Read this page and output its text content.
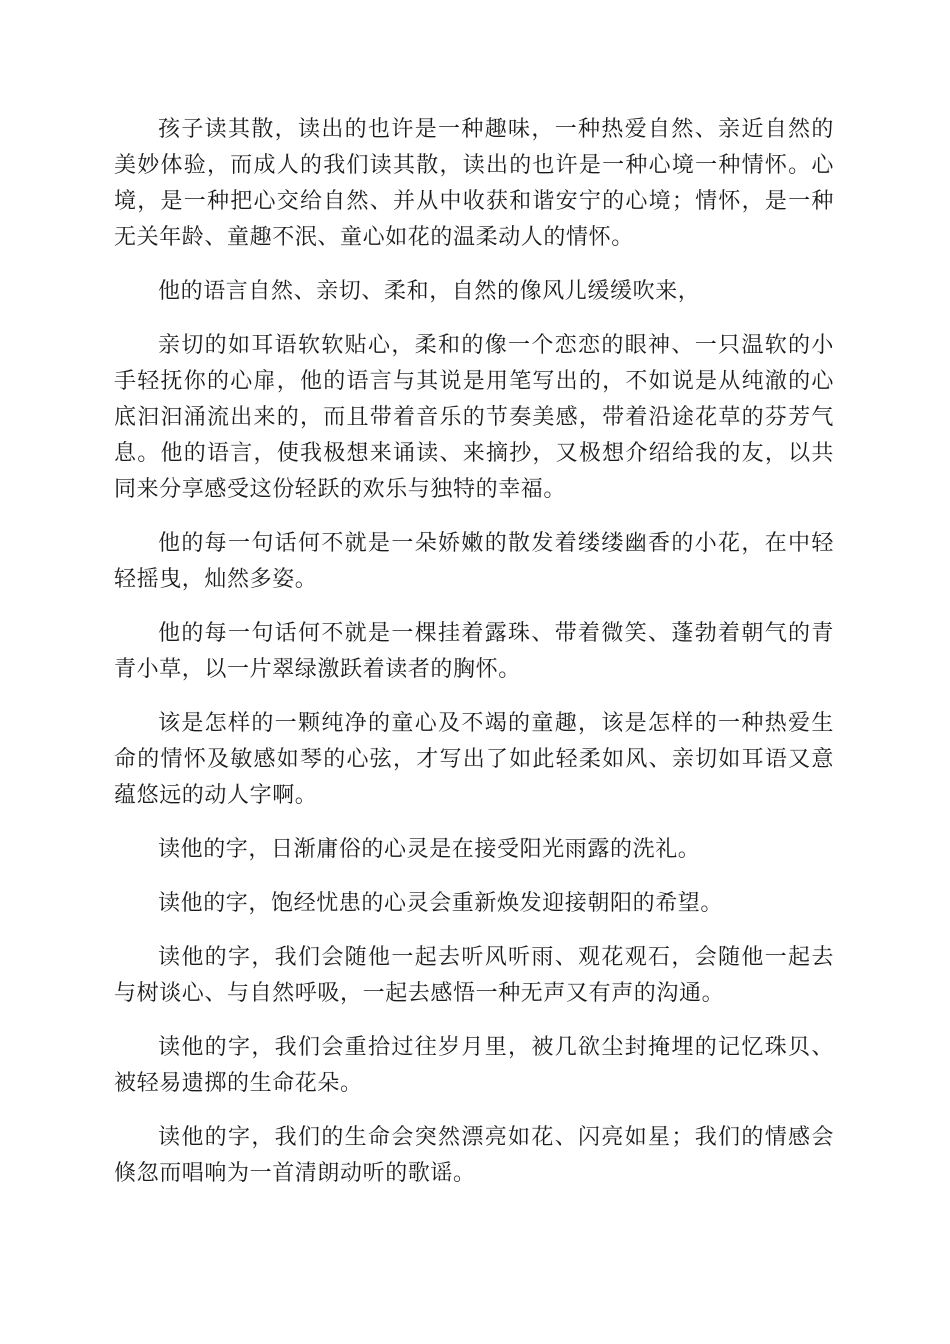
孩子读其散，读出的也许是一种趣味，一种热爱自然、亲近自然的美妙体验，而成人的我们读其散，读出的也许是一种心境一种情怀。心境，是一种把心交给自然、并从中收获和谐安宁的心境；情怀，是一种无关年龄、童趣不泯、童心如花的温柔动人的情怀。

他的语言自然、亲切、柔和，自然的像风儿缓缓吹来，

亲切的如耳语软软贴心，柔和的像一个恋恋的眼神、一只温软的小手轻抚你的心扉，他的语言与其说是用笔写出的，不如说是从纯澈的心底汩汩涌流出来的，而且带着音乐的节奏美感，带着沿途花草的芬芳气息。他的语言，使我极想来诵读、来摘抄，又极想介绍给我的友，以共同来分享感受这份轻跃的欢乐与独特的幸福。

他的每一句话何不就是一朵娇嫩的散发着缕缕幽香的小花，在中轻轻摇曳，灿然多姿。

他的每一句话何不就是一棵挂着露珠、带着微笑、蓬勃着朝气的青青小草，以一片翠绿激跃着读者的胸怀。

该是怎样的一颗纯净的童心及不竭的童趣，该是怎样的一种热爱生命的情怀及敏感如琴的心弦，才写出了如此轻柔如风、亲切如耳语又意蕴悠远的动人字啊。

读他的字，日渐庸俗的心灵是在接受阳光雨露的洗礼。

读他的字，饱经忧患的心灵会重新焕发迎接朝阳的希望。

读他的字，我们会随他一起去听风听雨、观花观石，会随他一起去与树谈心、与自然呼吸，一起去感悟一种无声又有声的沟通。

读他的字，我们会重拾过往岁月里，被几欲尘封掩埋的记忆珠贝、被轻易遗掷的生命花朵。

读他的字，我们的生命会突然漂亮如花、闪亮如星；我们的情感会倏忽而唱响为一首清朗动听的歌谣。
